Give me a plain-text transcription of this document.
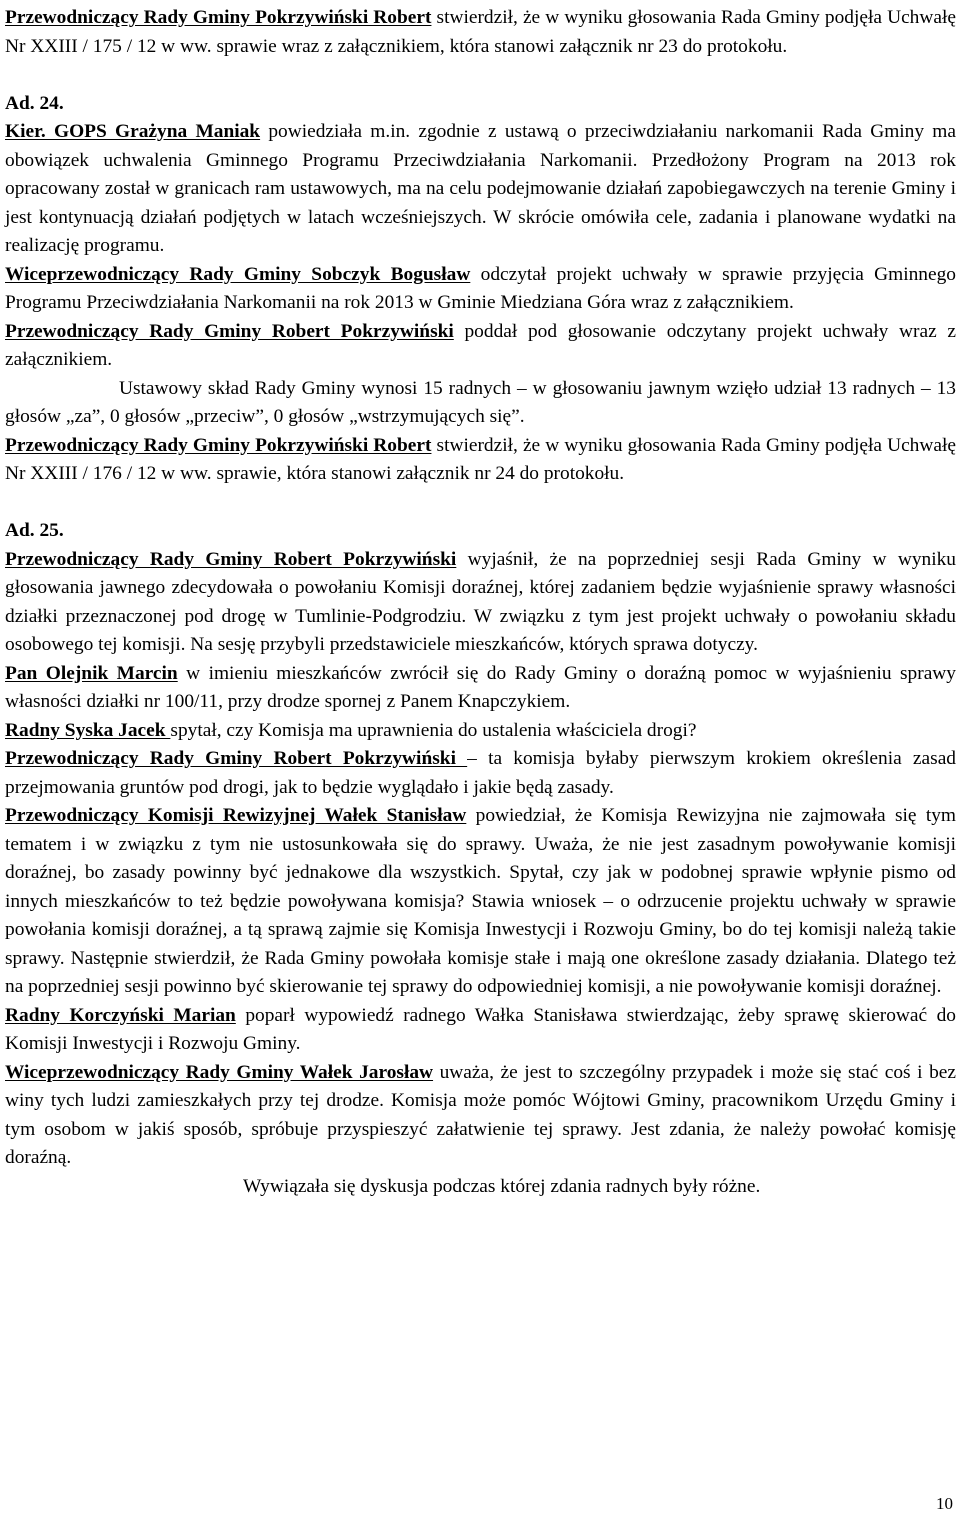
Przewodniczący Rady Gminy Pokrzywiński Robert stwierdził, że w wyniku głosowania Rada Gminy podjęła Uchwałę Nr XXIII / 175 / 12 w ww. sprawie wraz z załącznikiem, która stanowi załącznik nr 23 do protokołu.

Ad. 24.

Kier. GOPS Grażyna Maniak powiedziała m.in. zgodnie z ustawą o przeciwdziałaniu narkomanii Rada Gminy ma obowiązek uchwalenia Gminnego Programu Przeciwdziałania Narkomanii. Przedłożony Program na 2013 rok opracowany został w granicach ram ustawowych, ma na celu podejmowanie działań zapobiegawczych na terenie Gminy i jest kontynuacją działań podjętych w latach wcześniejszych. W skrócie omówiła cele, zadania i planowane wydatki na realizację programu.

Wiceprzewodniczący Rady Gminy Sobczyk Bogusław odczytał projekt uchwały w sprawie przyjęcia Gminnego Programu Przeciwdziałania Narkomanii na rok 2013 w Gminie Miedziana Góra wraz z załącznikiem.

Przewodniczący Rady Gminy Robert Pokrzywiński poddał pod głosowanie odczytany projekt uchwały wraz z załącznikiem.

Ustawowy skład Rady Gminy wynosi 15 radnych – w głosowaniu jawnym wzięło udział 13 radnych – 13 głosów „za”, 0 głosów „przeciw”, 0 głosów „wstrzymujących się”.

Przewodniczący Rady Gminy Pokrzywiński Robert stwierdził, że w wyniku głosowania Rada Gminy podjęła Uchwałę Nr XXIII / 176 / 12 w ww. sprawie, która stanowi załącznik nr 24 do protokołu.

Ad. 25.

Przewodniczący Rady Gminy Robert Pokrzywiński wyjaśnił, że na poprzedniej sesji Rada Gminy w wyniku głosowania jawnego zdecydowała o powołaniu Komisji doraźnej, której zadaniem będzie wyjaśnienie sprawy własności działki przeznaczonej pod drogę w Tumlinie-Podgrodziu. W związku z tym jest projekt uchwały o powołaniu składu osobowego tej komisji. Na sesję przybyli przedstawiciele mieszkańców, których sprawa dotyczy.

Pan Olejnik Marcin w imieniu mieszkańców zwrócił się do Rady Gminy o doraźną pomoc w wyjaśnieniu sprawy własności działki nr 100/11, przy drodze spornej z Panem Knapczykiem.

Radny Syska Jacek spytał, czy Komisja ma uprawnienia do ustalenia właściciela drogi?

Przewodniczący Rady Gminy Robert Pokrzywiński – ta komisja byłaby pierwszym krokiem określenia zasad przejmowania gruntów pod drogi, jak to będzie wyglądało i jakie będą zasady.

Przewodniczący Komisji Rewizyjnej Wałek Stanisław powiedział, że Komisja Rewizyjna nie zajmowała się tym tematem i w związku z tym nie ustosunkowała się do sprawy. Uważa, że nie jest zasadnym powoływanie komisji doraźnej, bo zasady powinny być jednakowe dla wszystkich. Spytał, czy jak w podobnej sprawie wpłynie pismo od innych mieszkańców to też będzie powoływana komisja? Stawia wniosek – o odrzucenie projektu uchwały w sprawie powołania komisji doraźnej, a tą sprawą zajmie się Komisja Inwestycji i Rozwoju Gminy, bo do tej komisji należą takie sprawy. Następnie stwierdził, że Rada Gminy powołała komisje stałe i mają one określone zasady działania. Dlatego też na poprzedniej sesji powinno być skierowanie tej sprawy do odpowiedniej komisji, a nie powoływanie komisji doraźnej.

Radny Korczyński Marian poparł wypowiedź radnego Wałka Stanisława stwierdzając, żeby sprawę skierować do Komisji Inwestycji i Rozwoju Gminy.

Wiceprzewodniczący Rady Gminy Wałek Jarosław uważa, że jest to szczególny przypadek i może się stać coś i bez winy tych ludzi zamieszkałych przy tej drodze. Komisja może pomóc Wójtowi Gminy, pracownikom Urzędu Gminy i tym osobom w jakiś sposób, spróbuje przyspieszyć załatwienie tej sprawy. Jest zdania, że należy powołać komisję doraźną.

Wywiązała się dyskusja podczas której zdania radnych były różne.

10
